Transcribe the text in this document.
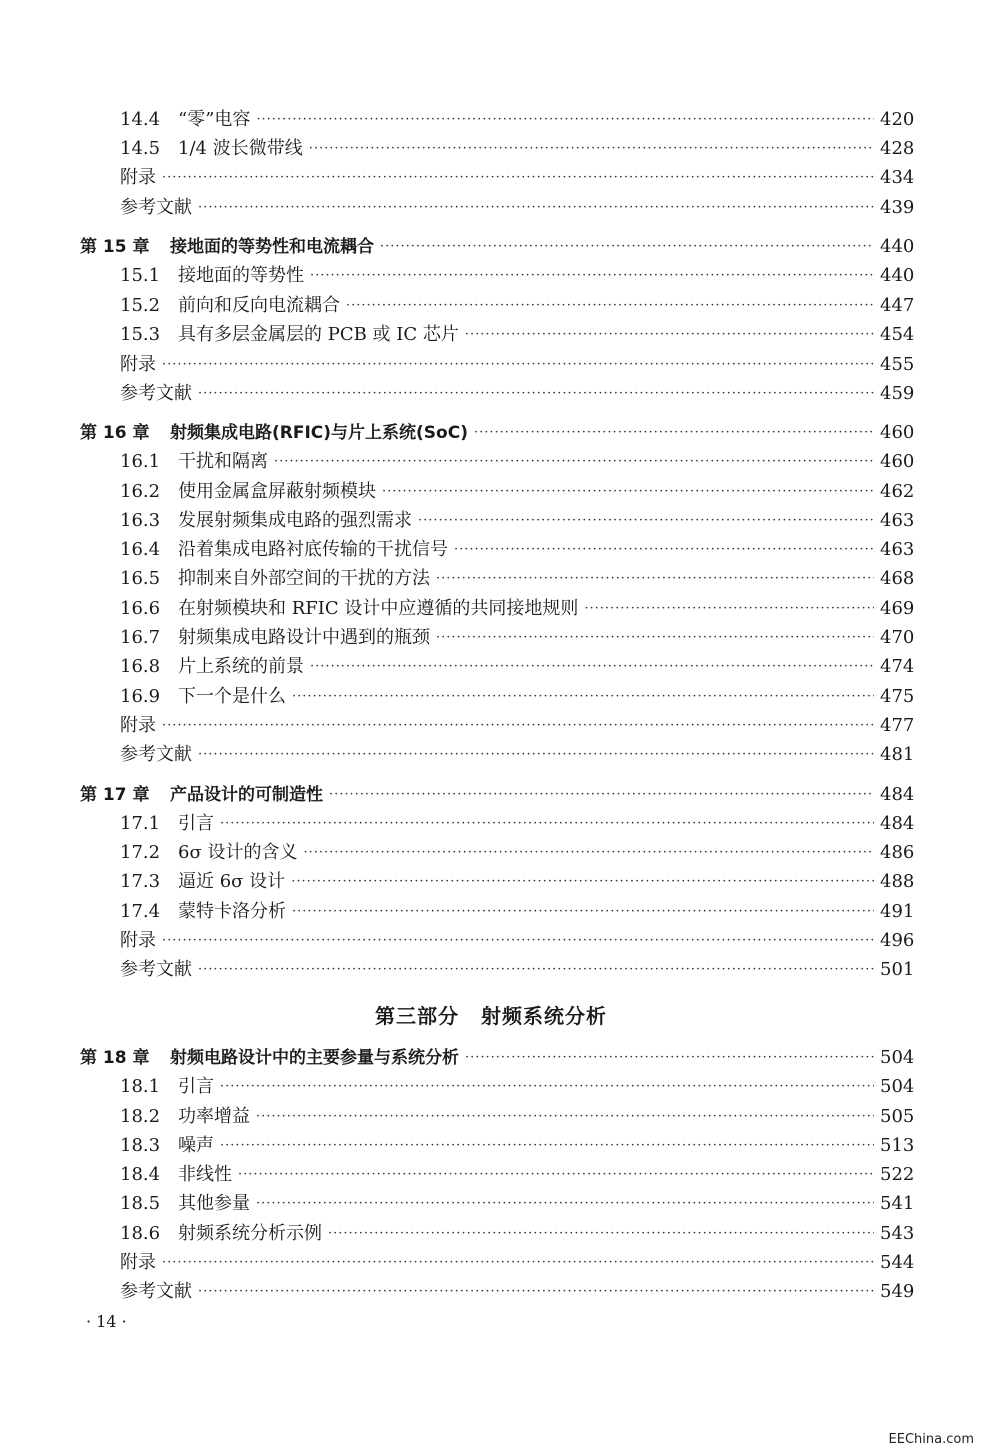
14.4 “零”电容 ·····	420
14.5 1/4 波长微带线 ·····	428
附录 ·····	434
参考文献 ·····	439
第 15 章	接地面的等势性和电流耦合 ·····	440
15.1 接地面的等势性 ·····	440
15.2 前向和反向电流耦合 ·····	447
15.3 具有多层金属层的 PCB 或 IC 芯片 ·····	454
附录 ·····	455
参考文献 ·····	459
第 16 章	射频集成电路(RFIC)与片上系统(SoC) ·····	460
16.1 干扰和隔离 ·····	460
16.2 使用金属盒屏蔽射频模块 ·····	462
16.3 发展射频集成电路的强烈需求 ·····	463
16.4 沿着集成电路衬底传输的干扰信号 ·····	463
16.5 抑制来自外部空间的干扰的方法 ·····	468
16.6 在射频模块和 RFIC 设计中应遵循的共同接地规则 ·····	469
16.7 射频集成电路设计中遇到的瓶颈 ·····	470
16.8 片上系统的前景 ·····	474
16.9 下一个是什么 ·····	475
附录 ·····	477
参考文献 ·····	481
第 17 章	产品设计的可制造性 ·····	484
17.1 引言 ·····	484
17.2 6σ 设计的含义 ·····	486
17.3 逼近 6σ 设计 ·····	488
17.4 蒙特卡洛分析 ·····	491
附录 ·····	496
参考文献 ·····	501
第 18 章	射频电路设计中的主要参量与系统分析 ·····	504
18.1 引言 ·····	504
18.2 功率增益 ·····	505
18.3 噪声 ·····	513
18.4 非线性 ·····	522
18.5 其他参量 ·····	541
18.6 射频系统分析示例 ·····	543
附录 ·····	544
参考文献 ·····	549
第三部分 射频系统分析
· 14 ·
EEChina.com
